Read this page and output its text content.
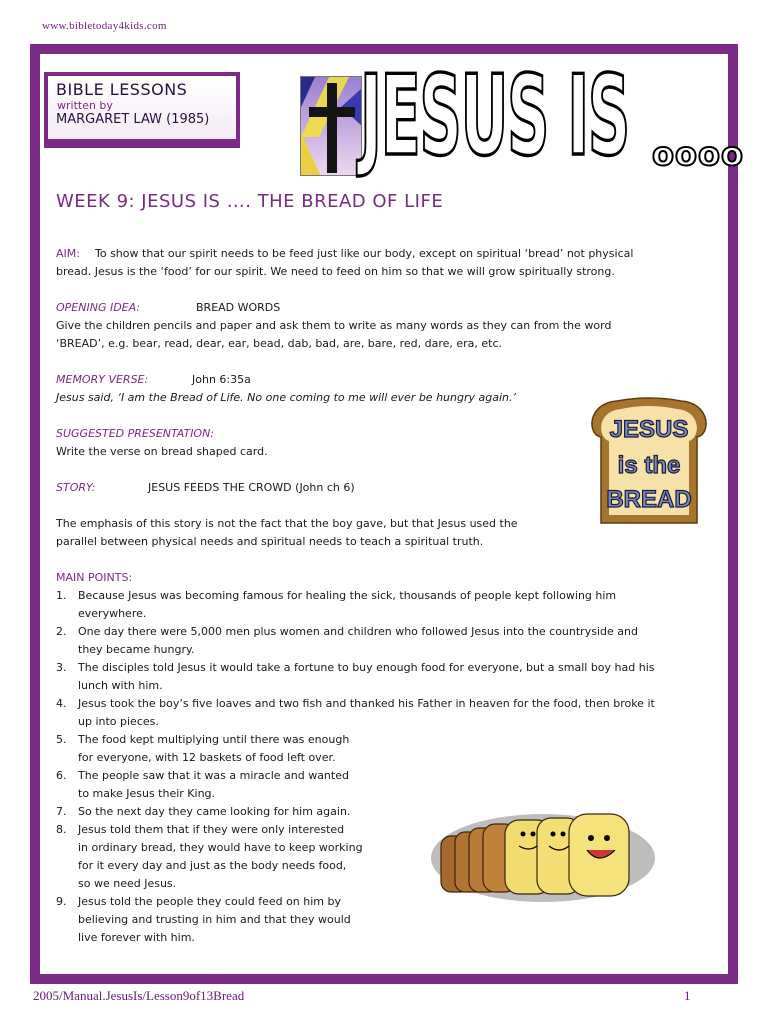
www.bibletoday4kids.com
BIBLE LESSONS
written by
MARGARET LAW (1985) JESUS IS oooo
WEEK 9: JESUS IS …. THE BREAD OF LIFE
AIM: To show that our spirit needs to be feed just like our body, except on spiritual ‘bread’ not physical
bread. Jesus is the ‘food’ for our spirit. We need to feed on him so that we will grow spiritually strong.
OPENING IDEA:	BREAD WORDS
Give the children pencils and paper and ask them to write as many words as they can from the word
‘BREAD’, e.g. bear, read, dear, ear, bead, dab, bad, are, bare, red, dare, era, etc.
MEMORY VERSE:	John 6:35a
Jesus said, ‘I am the Bread of Life. No one coming to me will ever be hungry again.’
SUGGESTED PRESENTATION:
Write the verse on bread shaped card.
STORY:	JESUS FEEDS THE CROWD (John ch 6)
The emphasis of this story is not the fact that the boy gave, but that Jesus used the
parallel between physical needs and spiritual needs to teach a spiritual truth.
MAIN POINTS:
1. Because Jesus was becoming famous for healing the sick, thousands of people kept following him
everywhere.
2. One day there were 5,000 men plus women and children who followed Jesus into the countryside and
they became hungry.
3. The disciples told Jesus it would take a fortune to buy enough food for everyone, but a small boy had his
lunch with him.
4. Jesus took the boy’s five loaves and two fish and thanked his Father in heaven for the food, then broke it
up into pieces.
5. The food kept multiplying until there was enough
for everyone, with 12 baskets of food left over.
6. The people saw that it was a miracle and wanted
to make Jesus their King.
7. So the next day they came looking for him again.
8. Jesus told them that if they were only interested
in ordinary bread, they would have to keep working
for it every day and just as the body needs food,
so we need Jesus.
9. Jesus told the people they could feed on him by
believing and trusting in him and that they would
live forever with him.
JESUS
is the
BREAD
2005/Manual.JesusIs/Lesson9of13Bread	1
